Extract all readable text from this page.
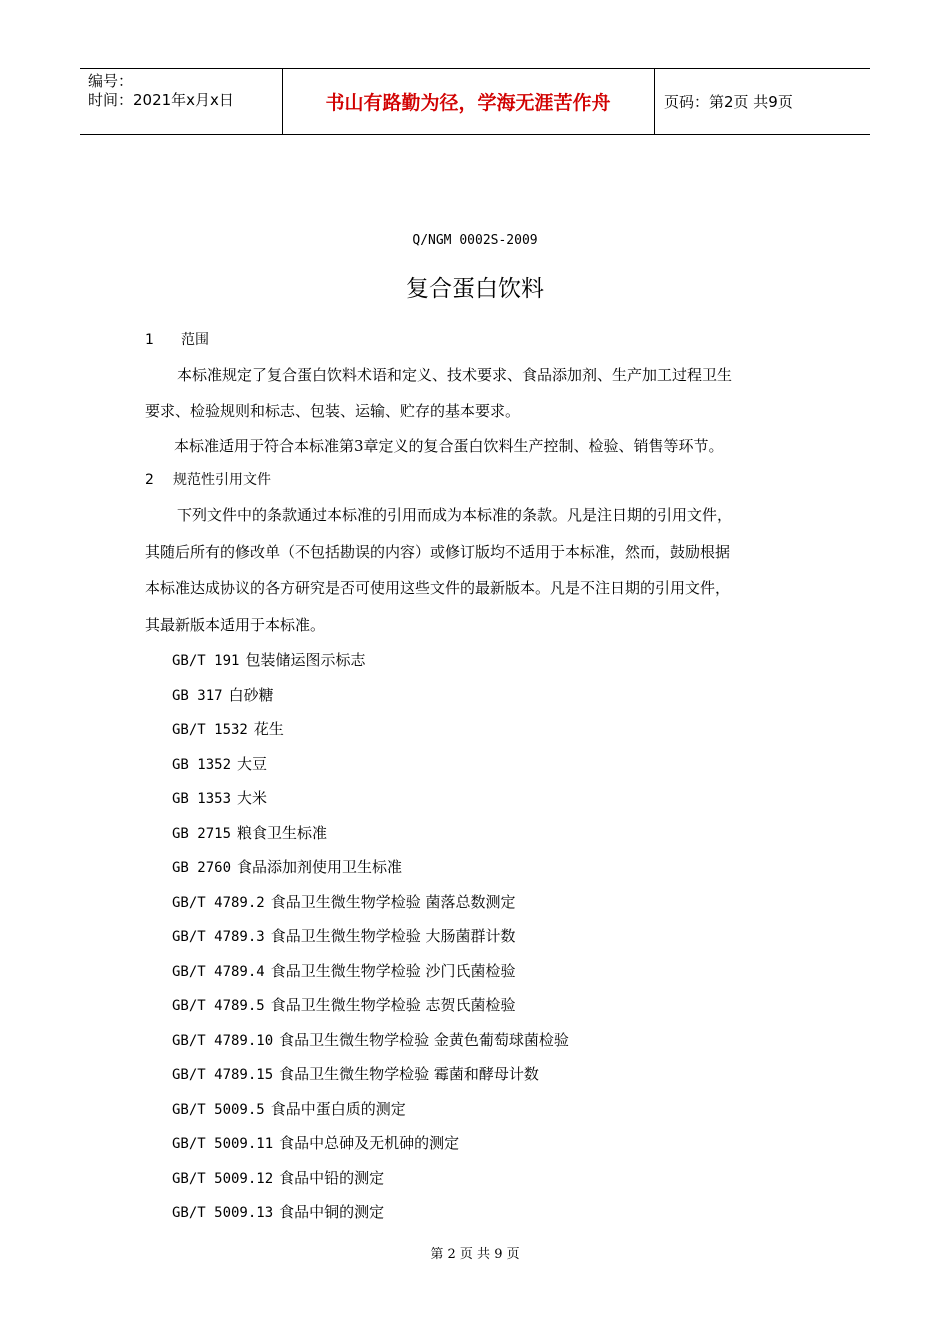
编号：
时间：2021年x月x日	书山有路勤为径，学海无涯苦作舟	页码：第2页 共9页
Q/NGM 0002S-2009
复合蛋白饮料
1 范围
本标准规定了复合蛋白饮料术语和定义、技术要求、食品添加剂、生产加工过程卫生
要求、检验规则和标志、包装、运输、贮存的基本要求。
本标准适用于符合本标准第3章定义的复合蛋白饮料生产控制、检验、销售等环节。
2 规范性引用文件
下列文件中的条款通过本标准的引用而成为本标准的条款。凡是注日期的引用文件，
其随后所有的修改单（不包括勘误的内容）或修订版均不适用于本标准，然而，鼓励根据
本标准达成协议的各方研究是否可使用这些文件的最新版本。凡是不注日期的引用文件，
其最新版本适用于本标准。
GB/T 191 包装储运图示标志
GB 317 白砂糖
GB/T 1532 花生
GB 1352 大豆
GB 1353 大米
GB 2715 粮食卫生标准
GB 2760 食品添加剂使用卫生标准
GB/T 4789.2 食品卫生微生物学检验 菌落总数测定
GB/T 4789.3 食品卫生微生物学检验 大肠菌群计数
GB/T 4789.4 食品卫生微生物学检验 沙门氏菌检验
GB/T 4789.5 食品卫生微生物学检验 志贺氏菌检验
GB/T 4789.10 食品卫生微生物学检验 金黄色葡萄球菌检验
GB/T 4789.15 食品卫生微生物学检验 霉菌和酵母计数
GB/T 5009.5 食品中蛋白质的测定
GB/T 5009.11 食品中总砷及无机砷的测定
GB/T 5009.12 食品中铅的测定
GB/T 5009.13 食品中铜的测定
第 2 页 共 9 页
